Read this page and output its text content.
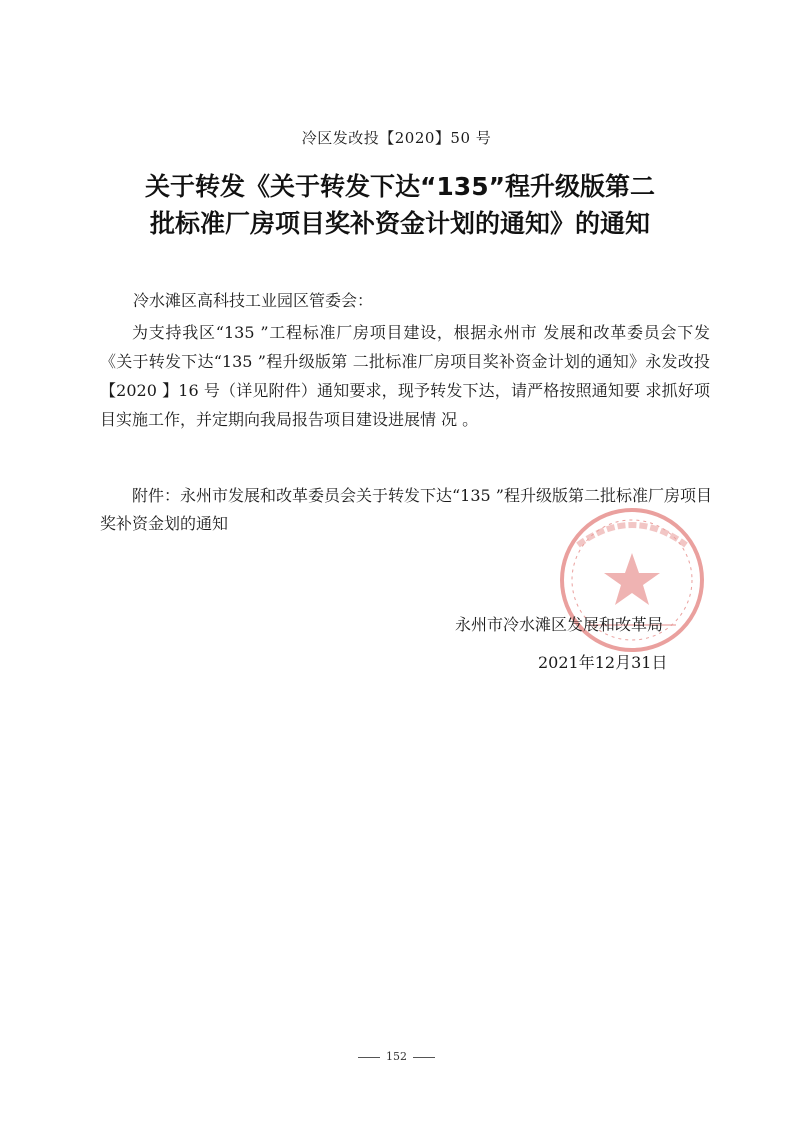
冷区发改投【2020】50 号
关于转发《关于转发下达“135”程升级版第二
批标准厂房项目奖补资金计划的通知》的通知
冷水滩区高科技工业园区管委会：

为支持我区“135 ”工程标准厂房项目建设，根据永州市 发展和改革委员会下发《关于转发下达“135 ”程升级版第 二批标准厂房项目奖补资金计划的通知》永发改投【2020 】16 号（详见附件）通知要求，现予转发下达，请严格按照通知要 求抓好项目实施工作，并定期向我局报告项目建设进展情 况 。

附件：永州市发展和改革委员会关于转发下达“135 ”程升级版第二批标准厂房项目奖补资金划的通知

永州市冷水滩区发展和改革局
2021年12月31日
152
